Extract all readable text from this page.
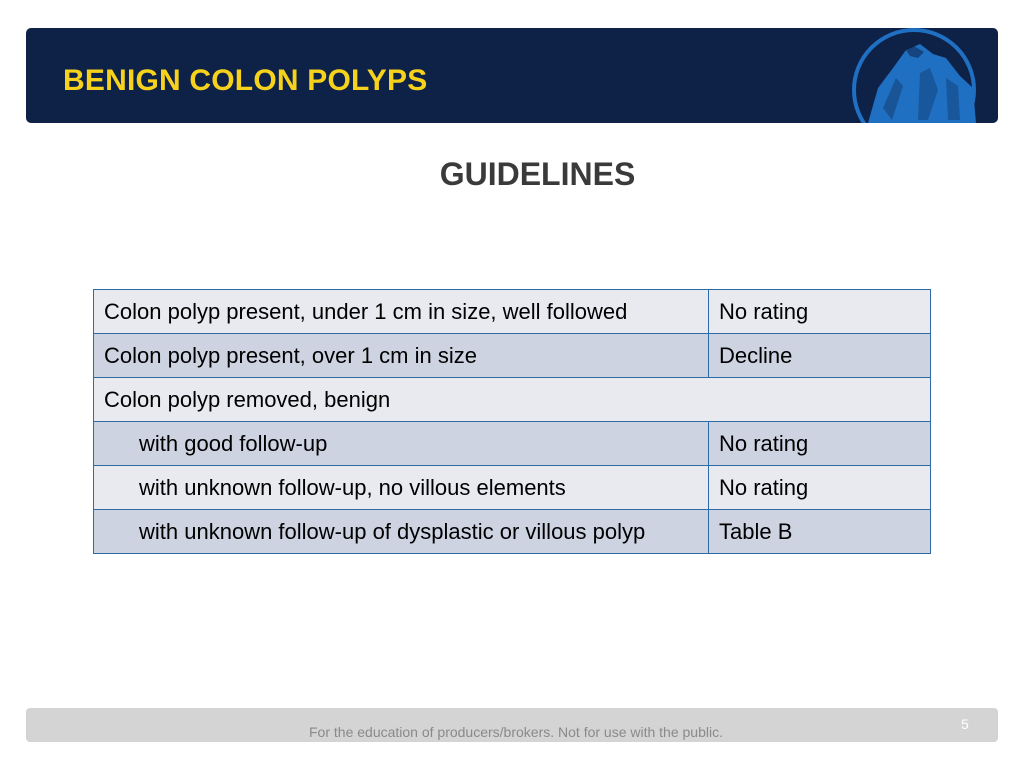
BENIGN COLON POLYPS
GUIDELINES
Colon polyp present, under 1 cm in size, well followed	No rating
Colon polyp present, over 1 cm in size	Decline
Colon polyp removed, benign	
with good follow-up	No rating
with unknown follow-up, no villous elements	No rating
with unknown follow-up of dysplastic or villous polyp	Table B
For the education of producers/brokers. Not for use with the public.	5
